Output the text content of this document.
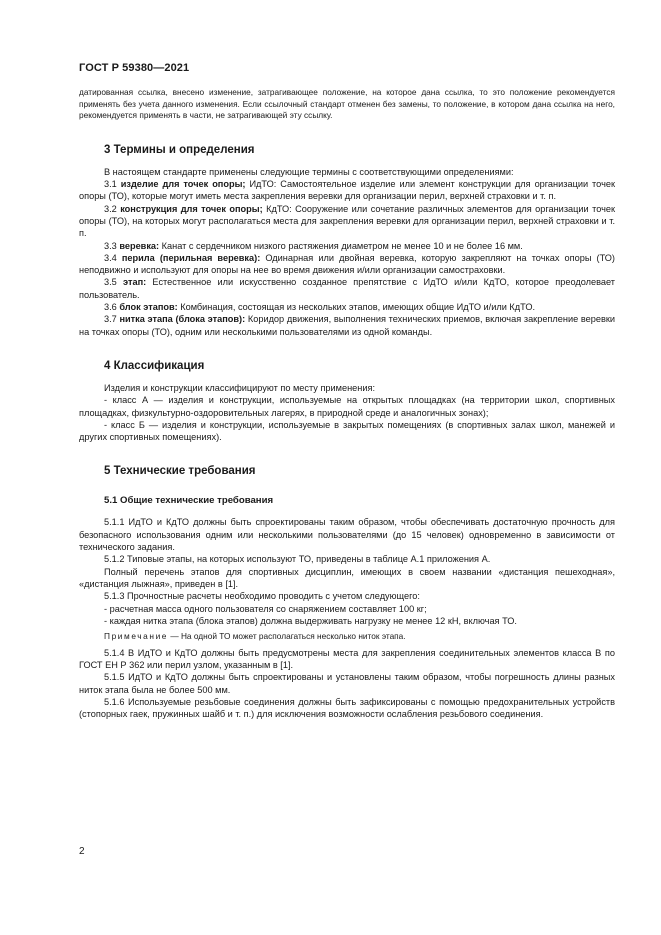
ГОСТ Р 59380—2021

датированная ссылка, внесено изменение, затрагивающее положение, на которое дана ссылка, то это положение рекомендуется применять без учета данного изменения. Если ссылочный стандарт отменен без замены, то положение, в котором дана ссылка на него, рекомендуется применять в части, не затрагивающей эту ссылку.

3 Термины и определения

В настоящем стандарте применены следующие термины с соответствующими определениями:

3.1 изделие для точек опоры; ИдТО: Самостоятельное изделие или элемент конструкции для организации точек опоры (ТО), которые могут иметь места закрепления веревки для организации перил, верхней страховки и т. п.

3.2 конструкция для точек опоры; КдТО: Сооружение или сочетание различных элементов для организации точек опоры (ТО), на которых могут располагаться места для закрепления веревки для организации перил, верхней страховки и т. п.

3.3 веревка: Канат с сердечником низкого растяжения диаметром не менее 10 и не более 16 мм.

3.4 перила (перильная веревка): Одинарная или двойная веревка, которую закрепляют на точках опоры (ТО) неподвижно и используют для опоры на нее во время движения и/или организации самостраховки.

3.5 этап: Естественное или искусственно созданное препятствие с ИдТО и/или КдТО, которое преодолевает пользователь.

3.6 блок этапов: Комбинация, состоящая из нескольких этапов, имеющих общие ИдТО и/или КдТО.

3.7 нитка этапа (блока этапов): Коридор движения, выполнения технических приемов, включая закрепление веревки на точках опоры (ТО), одним или несколькими пользователями из одной команды.

4 Классификация

Изделия и конструкции классифицируют по месту применения:

- класс А — изделия и конструкции, используемые на открытых площадках (на территории школ, спортивных площадках, физкультурно-оздоровительных лагерях, в природной среде и аналогичных зонах);

- класс Б — изделия и конструкции, используемые в закрытых помещениях (в спортивных залах школ, манежей и других спортивных помещениях).

5 Технические требования

5.1 Общие технические требования

5.1.1 ИдТО и КдТО должны быть спроектированы таким образом, чтобы обеспечивать достаточную прочность для безопасного использования одним или несколькими пользователями (до 15 человек) одновременно в зависимости от технического задания.

5.1.2 Типовые этапы, на которых используют ТО, приведены в таблице А.1 приложения А.

Полный перечень этапов для спортивных дисциплин, имеющих в своем названии «дистанция пешеходная», «дистанция лыжная», приведен в [1].

5.1.3 Прочностные расчеты необходимо проводить с учетом следующего:

- расчетная масса одного пользователя со снаряжением составляет 100 кг;

- каждая нитка этапа (блока этапов) должна выдерживать нагрузку не менее 12 кН, включая ТО.

Примечание — На одной ТО может располагаться несколько ниток этапа.

5.1.4 В ИдТО и КдТО должны быть предусмотрены места для закрепления соединительных элементов класса В по ГОСТ ЕН Р 362 или перил узлом, указанным в [1].

5.1.5 ИдТО и КдТО должны быть спроектированы и установлены таким образом, чтобы погрешность длины разных ниток этапа была не более 500 мм.

5.1.6 Используемые резьбовые соединения должны быть зафиксированы с помощью предохранительных устройств (стопорных гаек, пружинных шайб и т. п.) для исключения возможности ослабления резьбового соединения.

2
